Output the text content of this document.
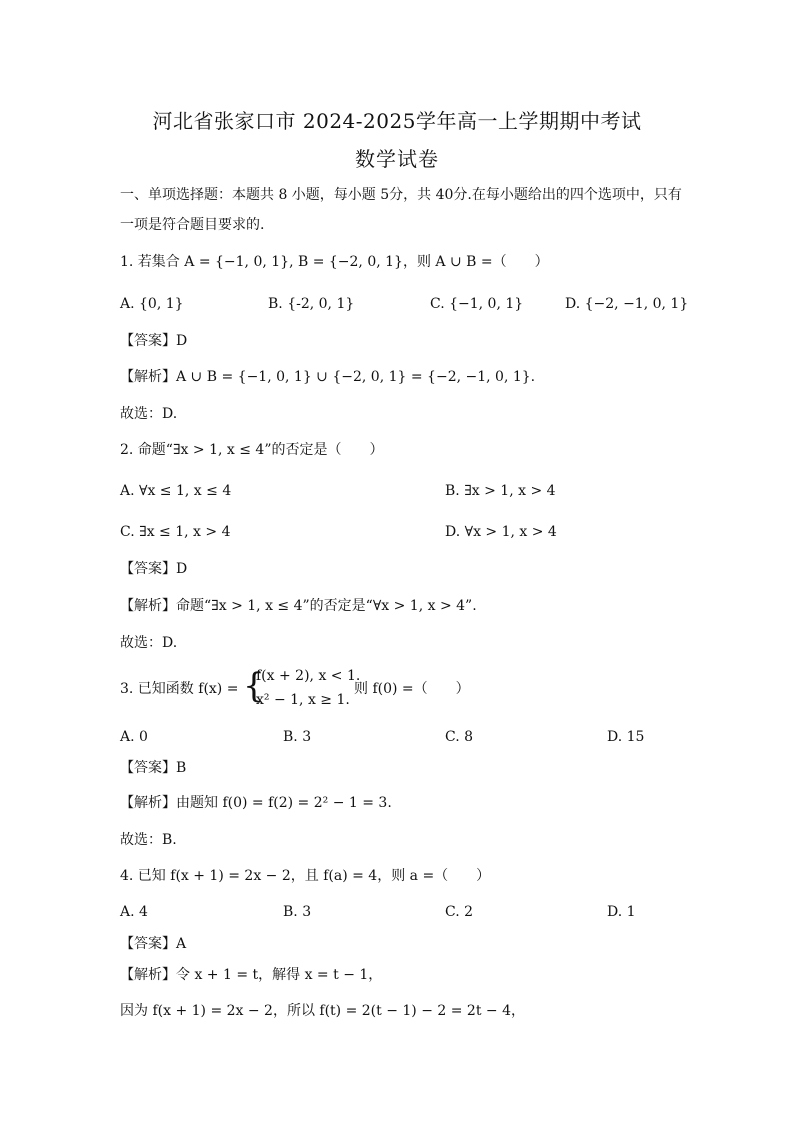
河北省张家口市 2024-2025学年高一上学期期中考试
数学试卷
一、单项选择题：本题共 8 小题，每小题 5分，共 40分.在每小题给出的四个选项中，只有
一项是符合题目要求的.
1. 若集合 A = {−1, 0, 1}, B = {−2, 0, 1}，则 A ∪ B =（　　）
A. {0, 1}	B. {-2, 0, 1}	C. {−1, 0, 1}	D. {−2, −1, 0, 1}
【答案】D
【解析】A ∪ B = {−1, 0, 1} ∪ {−2, 0, 1} = {−2, −1, 0, 1}.
故选：D.
2. 命题“∃x > 1, x ≤ 4”的否定是（　　）
A. ∀x ≤ 1, x ≤ 4	B. ∃x > 1, x > 4
C. ∃x ≤ 1, x > 4	D. ∀x > 1, x > 4
【答案】D
【解析】命题“∃x > 1, x ≤ 4”的否定是“∀x > 1, x > 4”.
故选：D.
3. 已知函数 f(x) = {
f(x + 2), x < 1.
x² − 1, x ≥ 1.
则 f(0) =（　　）
A. 0	B. 3	C. 8	D. 15
【答案】B
【解析】由题知 f(0) = f(2) = 2² − 1 = 3.
故选：B.
4. 已知 f(x + 1) = 2x − 2，且 f(a) = 4，则 a =（　　）
A. 4	B. 3	C. 2	D. 1
【答案】A
【解析】令 x + 1 = t，解得 x = t − 1，
因为 f(x + 1) = 2x − 2，所以 f(t) = 2(t − 1) − 2 = 2t − 4，
